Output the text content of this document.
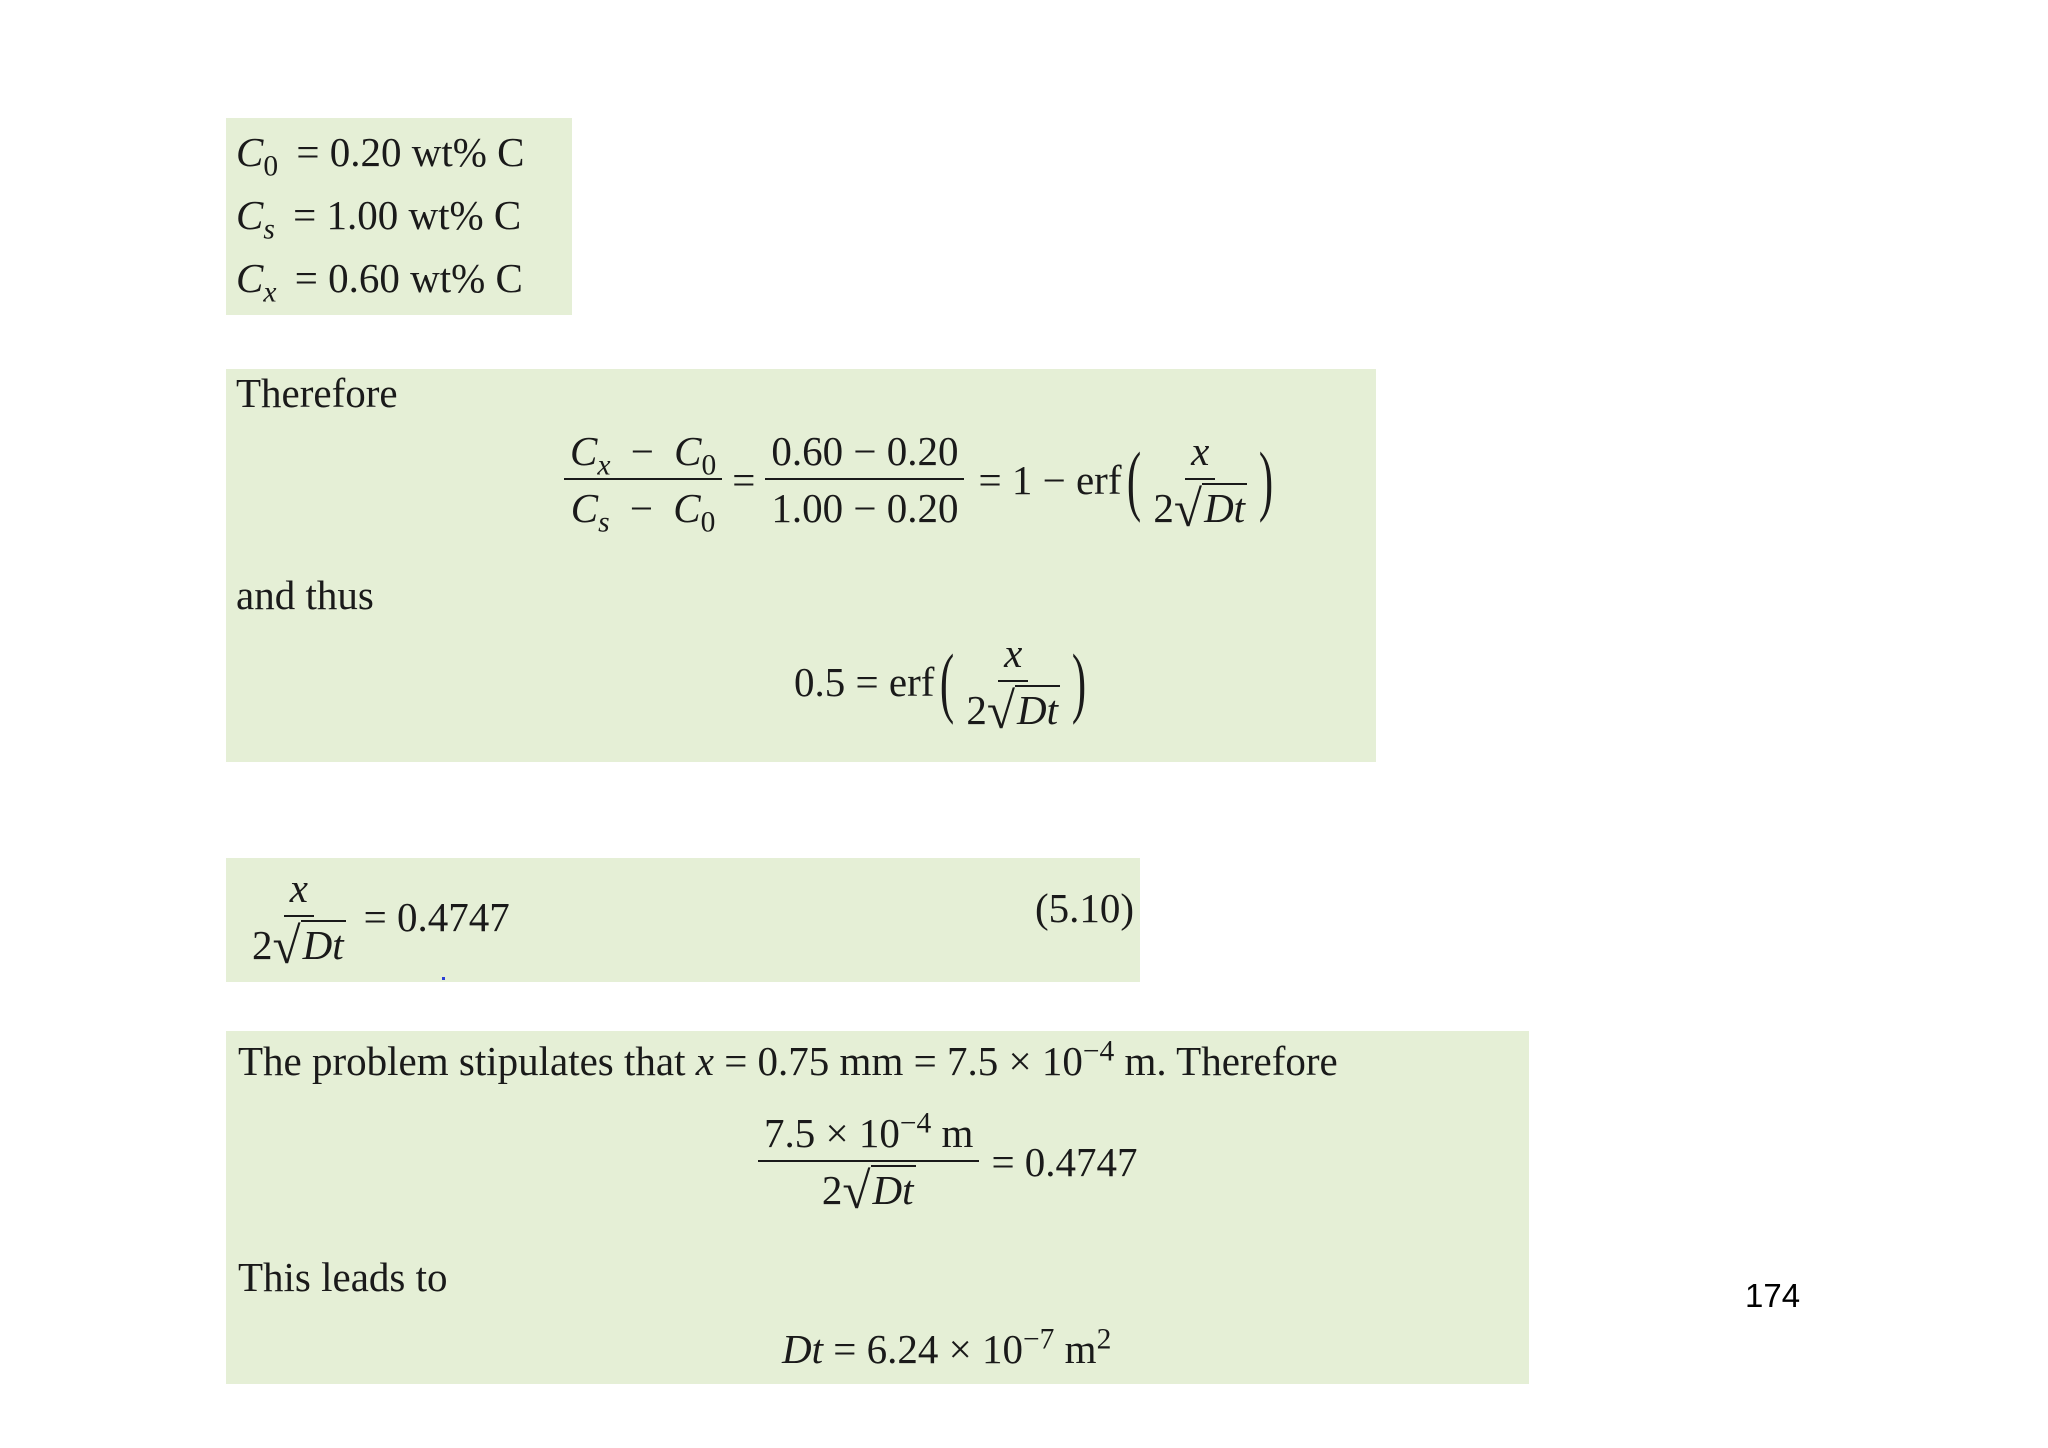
$C_0 = 0.20$ wt% C
$C_s = 1.00$ wt% C
$C_x = 0.60$ wt% C
Therefore
$\frac{C_x - C_0}{C_s - C_0} = \frac{0.60 - 0.20}{1.00 - 0.20} = 1$ − erf ( $\frac{x}{2√Dt}$ )
and thus
0.5 = erf ( $\frac{x}{2√Dt}$ )
$\frac{x}{2√Dt} = 0.4747$	(5.10)
The problem stipulates that x = 0.75 mm = $7.5 \times 10^{-4}$ m. Therefore
$\frac{7.5 \times 10^{-4} m}{2√Dt} = 0.4747$
This leads to
$Dt = 6.24 \times 10^{-7}$ $m^2$
174
